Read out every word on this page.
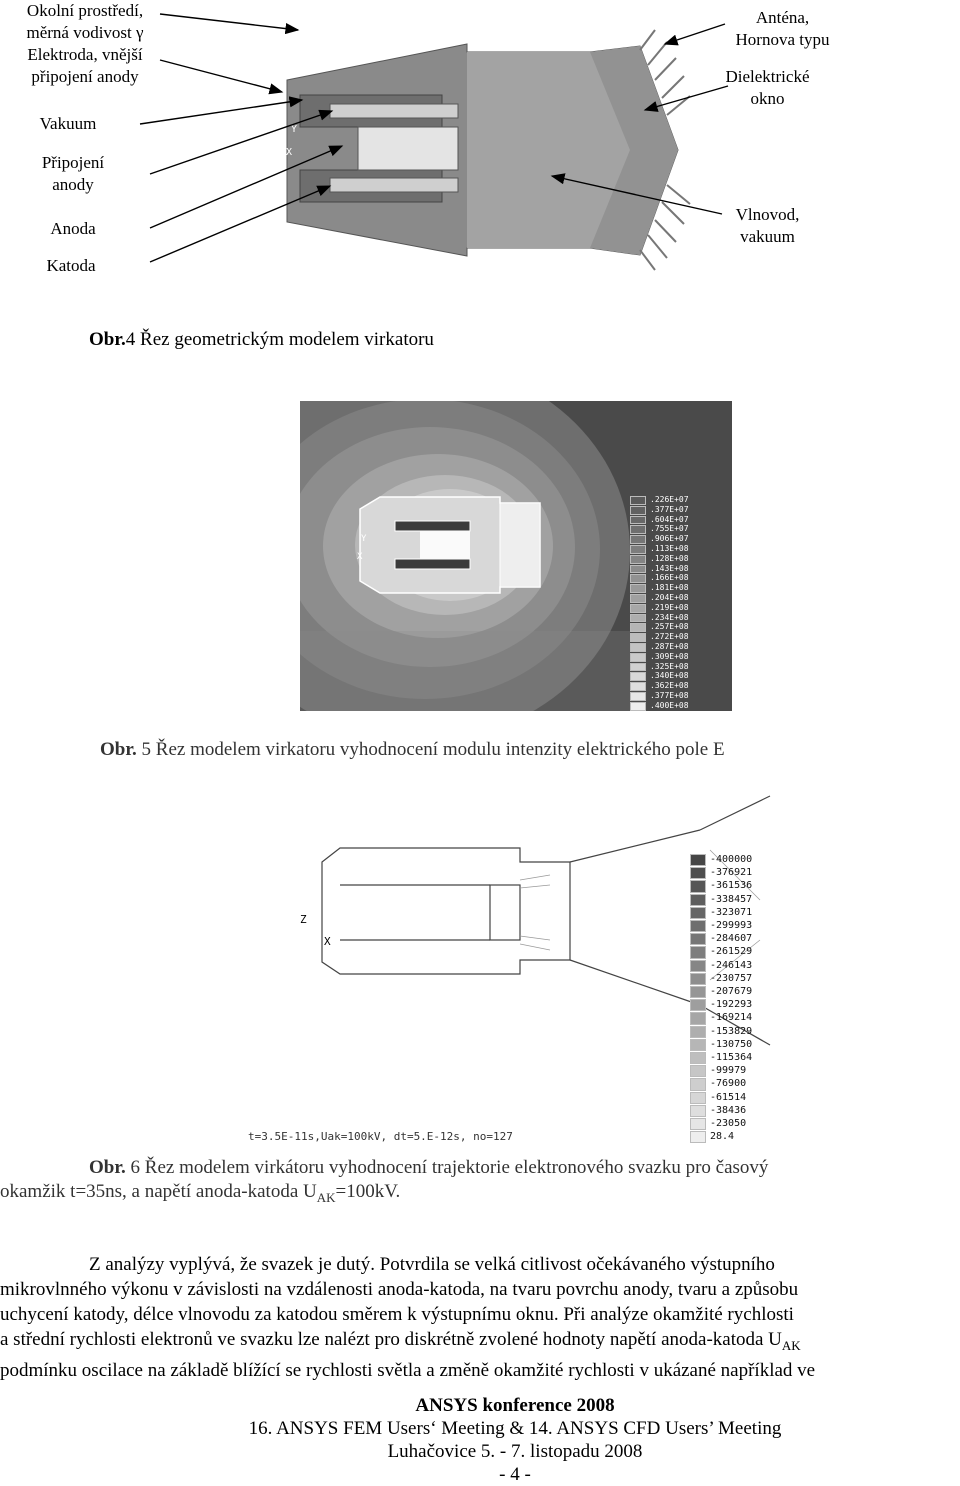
Okolní prostředí,
měrná vodivost γ
Elektroda, vnější
připojení anody
Vakuum
Připojení
anody
Anoda
Katoda
Anténa,
Hornova typu
Dielektrické
okno
Vlnovod,
vakuum
Y
X
Obr.4 Řez geometrickým modelem virkatoru
Y
X
.226E+07
.377E+07
.604E+07
.755E+07
.906E+07
.113E+08
.128E+08
.143E+08
.166E+08
.181E+08
.204E+08
.219E+08
.234E+08
.257E+08
.272E+08
.287E+08
.309E+08
.325E+08
.340E+08
.362E+08
.377E+08
.400E+08
Obr. 5 Řez modelem virkatoru vyhodnocení modulu intenzity elektrického pole E
Z
X
-400000
-376921
-361536
-338457
-323071
-299993
-284607
-261529
-246143
-230757
-207679
-192293
-169214
-153829
-130750
-115364
-99979
-76900
-61514
-38436
-23050
28.4
t=3.5E-11s,Uak=100kV, dt=5.E-12s, no=127
Obr. 6 Řez modelem virkátoru vyhodnocení trajektorie elektronového svazku pro časový
okamžik t=35ns, a napětí anoda-katoda $U_{AK}=100kV$.
Z analýzy vyplývá, že svazek je dutý. Potvrdila se velká citlivost očekávaného výstupního
mikrovlnného výkonu v závislosti na vzdálenosti anoda-katoda, na tvaru povrchu anody, tvaru a způsobu
uchycení katody, délce vlnovodu za katodou směrem k výstupnímu oknu. Při analýze okamžité rychlosti
a střední rychlosti elektronů ve svazku lze nalézt pro diskrétně zvolené hodnoty napětí anoda-katoda $U_{AK}$
podmínku oscilace na základě blížící se rychlosti světla a změně okamžité rychlosti v ukázané například ve
ANSYS konference 2008
16. ANSYS FEM Users‘ Meeting & 14. ANSYS CFD Users’ Meeting
Luhačovice 5. - 7. listopadu 2008
- 4 -
